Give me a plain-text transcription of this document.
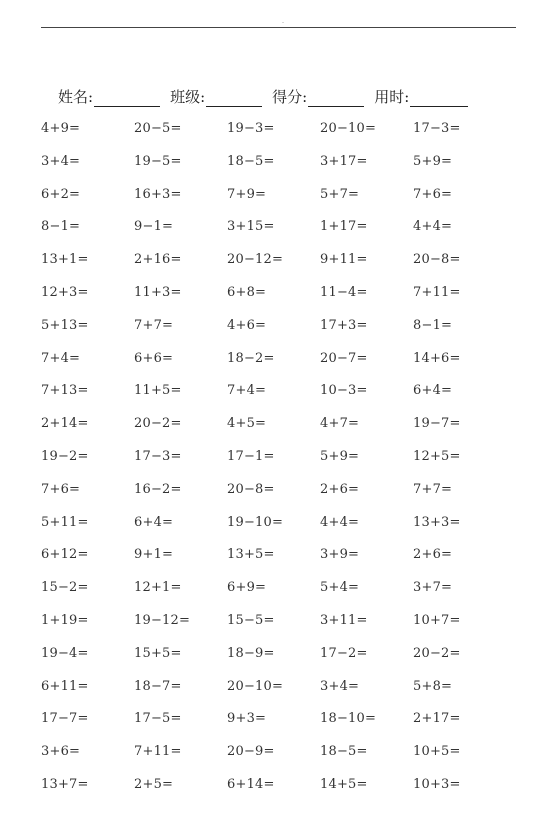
-
姓名:	班级:	得分:	用时:
4+9=	20−5=	19−3=	20−10=	17−3=
3+4=	19−5=	18−5=	3+17=	5+9=
6+2=	16+3=	7+9=	5+7=	7+6=
8−1=	9−1=	3+15=	1+17=	4+4=
13+1=	2+16=	20−12=	9+11=	20−8=
12+3=	11+3=	6+8=	11−4=	7+11=
5+13=	7+7=	4+6=	17+3=	8−1=
7+4=	6+6=	18−2=	20−7=	14+6=
7+13=	11+5=	7+4=	10−3=	6+4=
2+14=	20−2=	4+5=	4+7=	19−7=
19−2=	17−3=	17−1=	5+9=	12+5=
7+6=	16−2=	20−8=	2+6=	7+7=
5+11=	6+4=	19−10=	4+4=	13+3=
6+12=	9+1=	13+5=	3+9=	2+6=
15−2=	12+1=	6+9=	5+4=	3+7=
1+19=	19−12=	15−5=	3+11=	10+7=
19−4=	15+5=	18−9=	17−2=	20−2=
6+11=	18−7=	20−10=	3+4=	5+8=
17−7=	17−5=	9+3=	18−10=	2+17=
3+6=	7+11=	20−9=	18−5=	10+5=
13+7=	2+5=	6+14=	14+5=	10+3=
